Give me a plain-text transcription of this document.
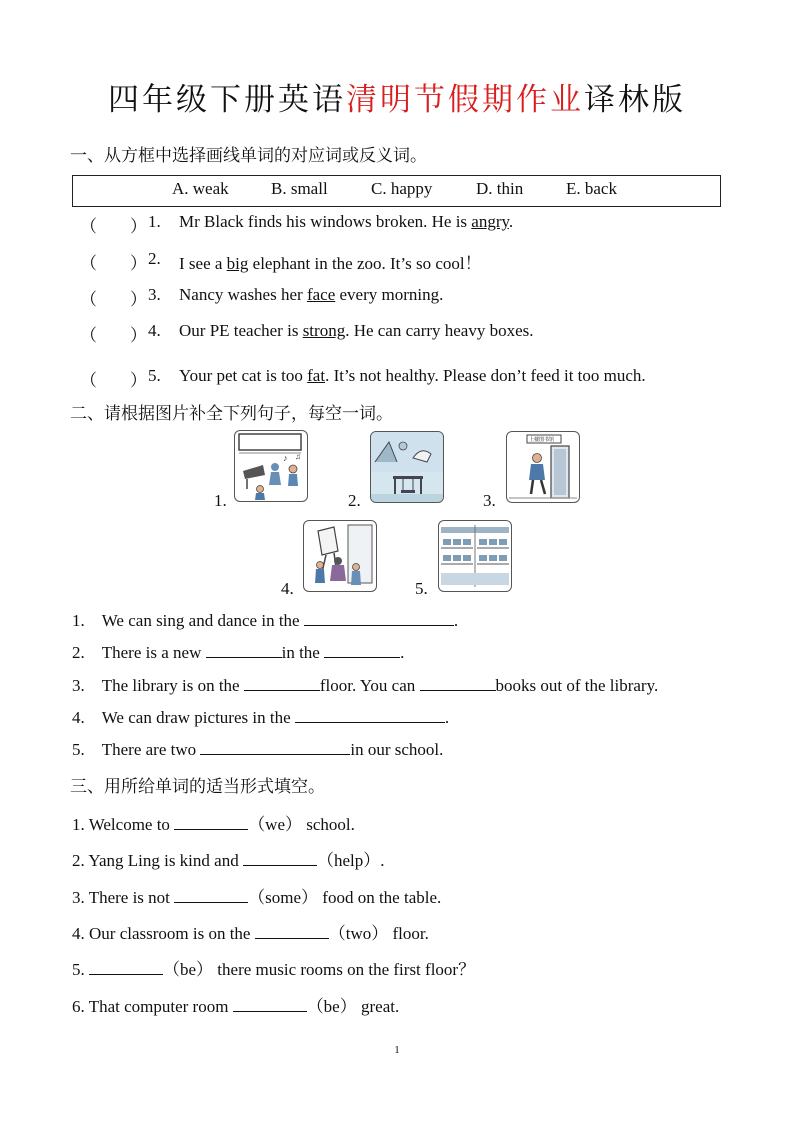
四年级下册英语清明节假期作业译林版
一、从方框中选择画线单词的对应词或反义词。
A. weak B. small	C. happy	D. thin	E. back
（ ） 1. Mr Black finds his windows broken. He is angry.
（ ） 2. I see a big elephant in the zoo. It’s so cool！
（ ） 3. Nancy washes her face every morning.
（ ） 4. Our PE teacher is strong. He can carry heavy boxes.
（ ） 5. Your pet cat is too fat. It’s not healthy. Please don’t feed it too much.
二、请根据图片补全下列句子，每空一词。
♪ ♫
1.	2.
上楼图书馆
3.
4.	5.
1. We can sing and dance in the	.
2. There is a new	in the	.
3. The library is on the	floor. You can	books out of the library.
4. We can draw pictures in the	.
5. There are two	in our school.
三、用所给单词的适当形式填空。
1. Welcome to	（we） school.
2. Yang Ling is kind and	（help）.
3. There is not	（some） food on the table.
4. Our classroom is on the	（two） floor.
5.	（be） there music rooms on the first floor？
6. That computer room	（be） great.
1
